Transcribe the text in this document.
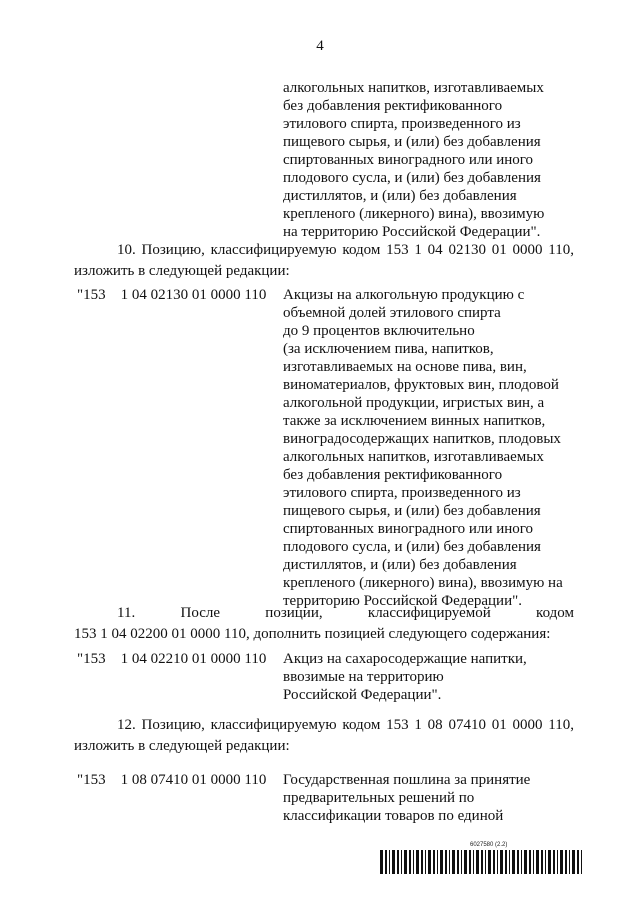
4
алкогольных напитков, изготавливаемых
без добавления ректификованного
этилового спирта, произведенного из
пищевого сырья, и (или) без добавления
спиртованных виноградного или иного
плодового сусла, и (или) без добавления
дистиллятов, и (или) без добавления
крепленого (ликерного) вина), ввозимую
на территорию Российской Федерации".
10. Позицию, классифицируемую кодом 153 1 04 02130 01 0000 110,
изложить в следующей редакции:
"153    1 04 02130 01 0000 110 Акцизы на алкогольную продукцию с
объемной долей этилового спирта
до 9 процентов включительно
(за исключением пива, напитков,
изготавливаемых на основе пива, вин,
виноматериалов, фруктовых вин, плодовой
алкогольной продукции, игристых вин, а
также за исключением винных напитков,
виноградосодержащих напитков, плодовых
алкогольных напитков, изготавливаемых
без добавления ректификованного
этилового спирта, произведенного из
пищевого сырья, и (или) без добавления
спиртованных виноградного или иного
плодового сусла, и (или) без добавления
дистиллятов, и (или) без добавления
крепленого (ликерного) вина), ввозимую на
территорию Российской Федерации".
11. После позиции, классифицируемой кодом
153 1 04 02200 01 0000 110, дополнить позицией следующего содержания:
"153    1 04 02210 01 0000 110 Акциз на сахаросодержащие напитки,
ввозимые на территорию
Российской Федерации".
12. Позицию, классифицируемую кодом 153 1 08 07410 01 0000 110,
изложить в следующей редакции:
"153    1 08 07410 01 0000 110 Государственная пошлина за принятие
предварительных решений по
классификации товаров по единой
6027580 (2.2)
